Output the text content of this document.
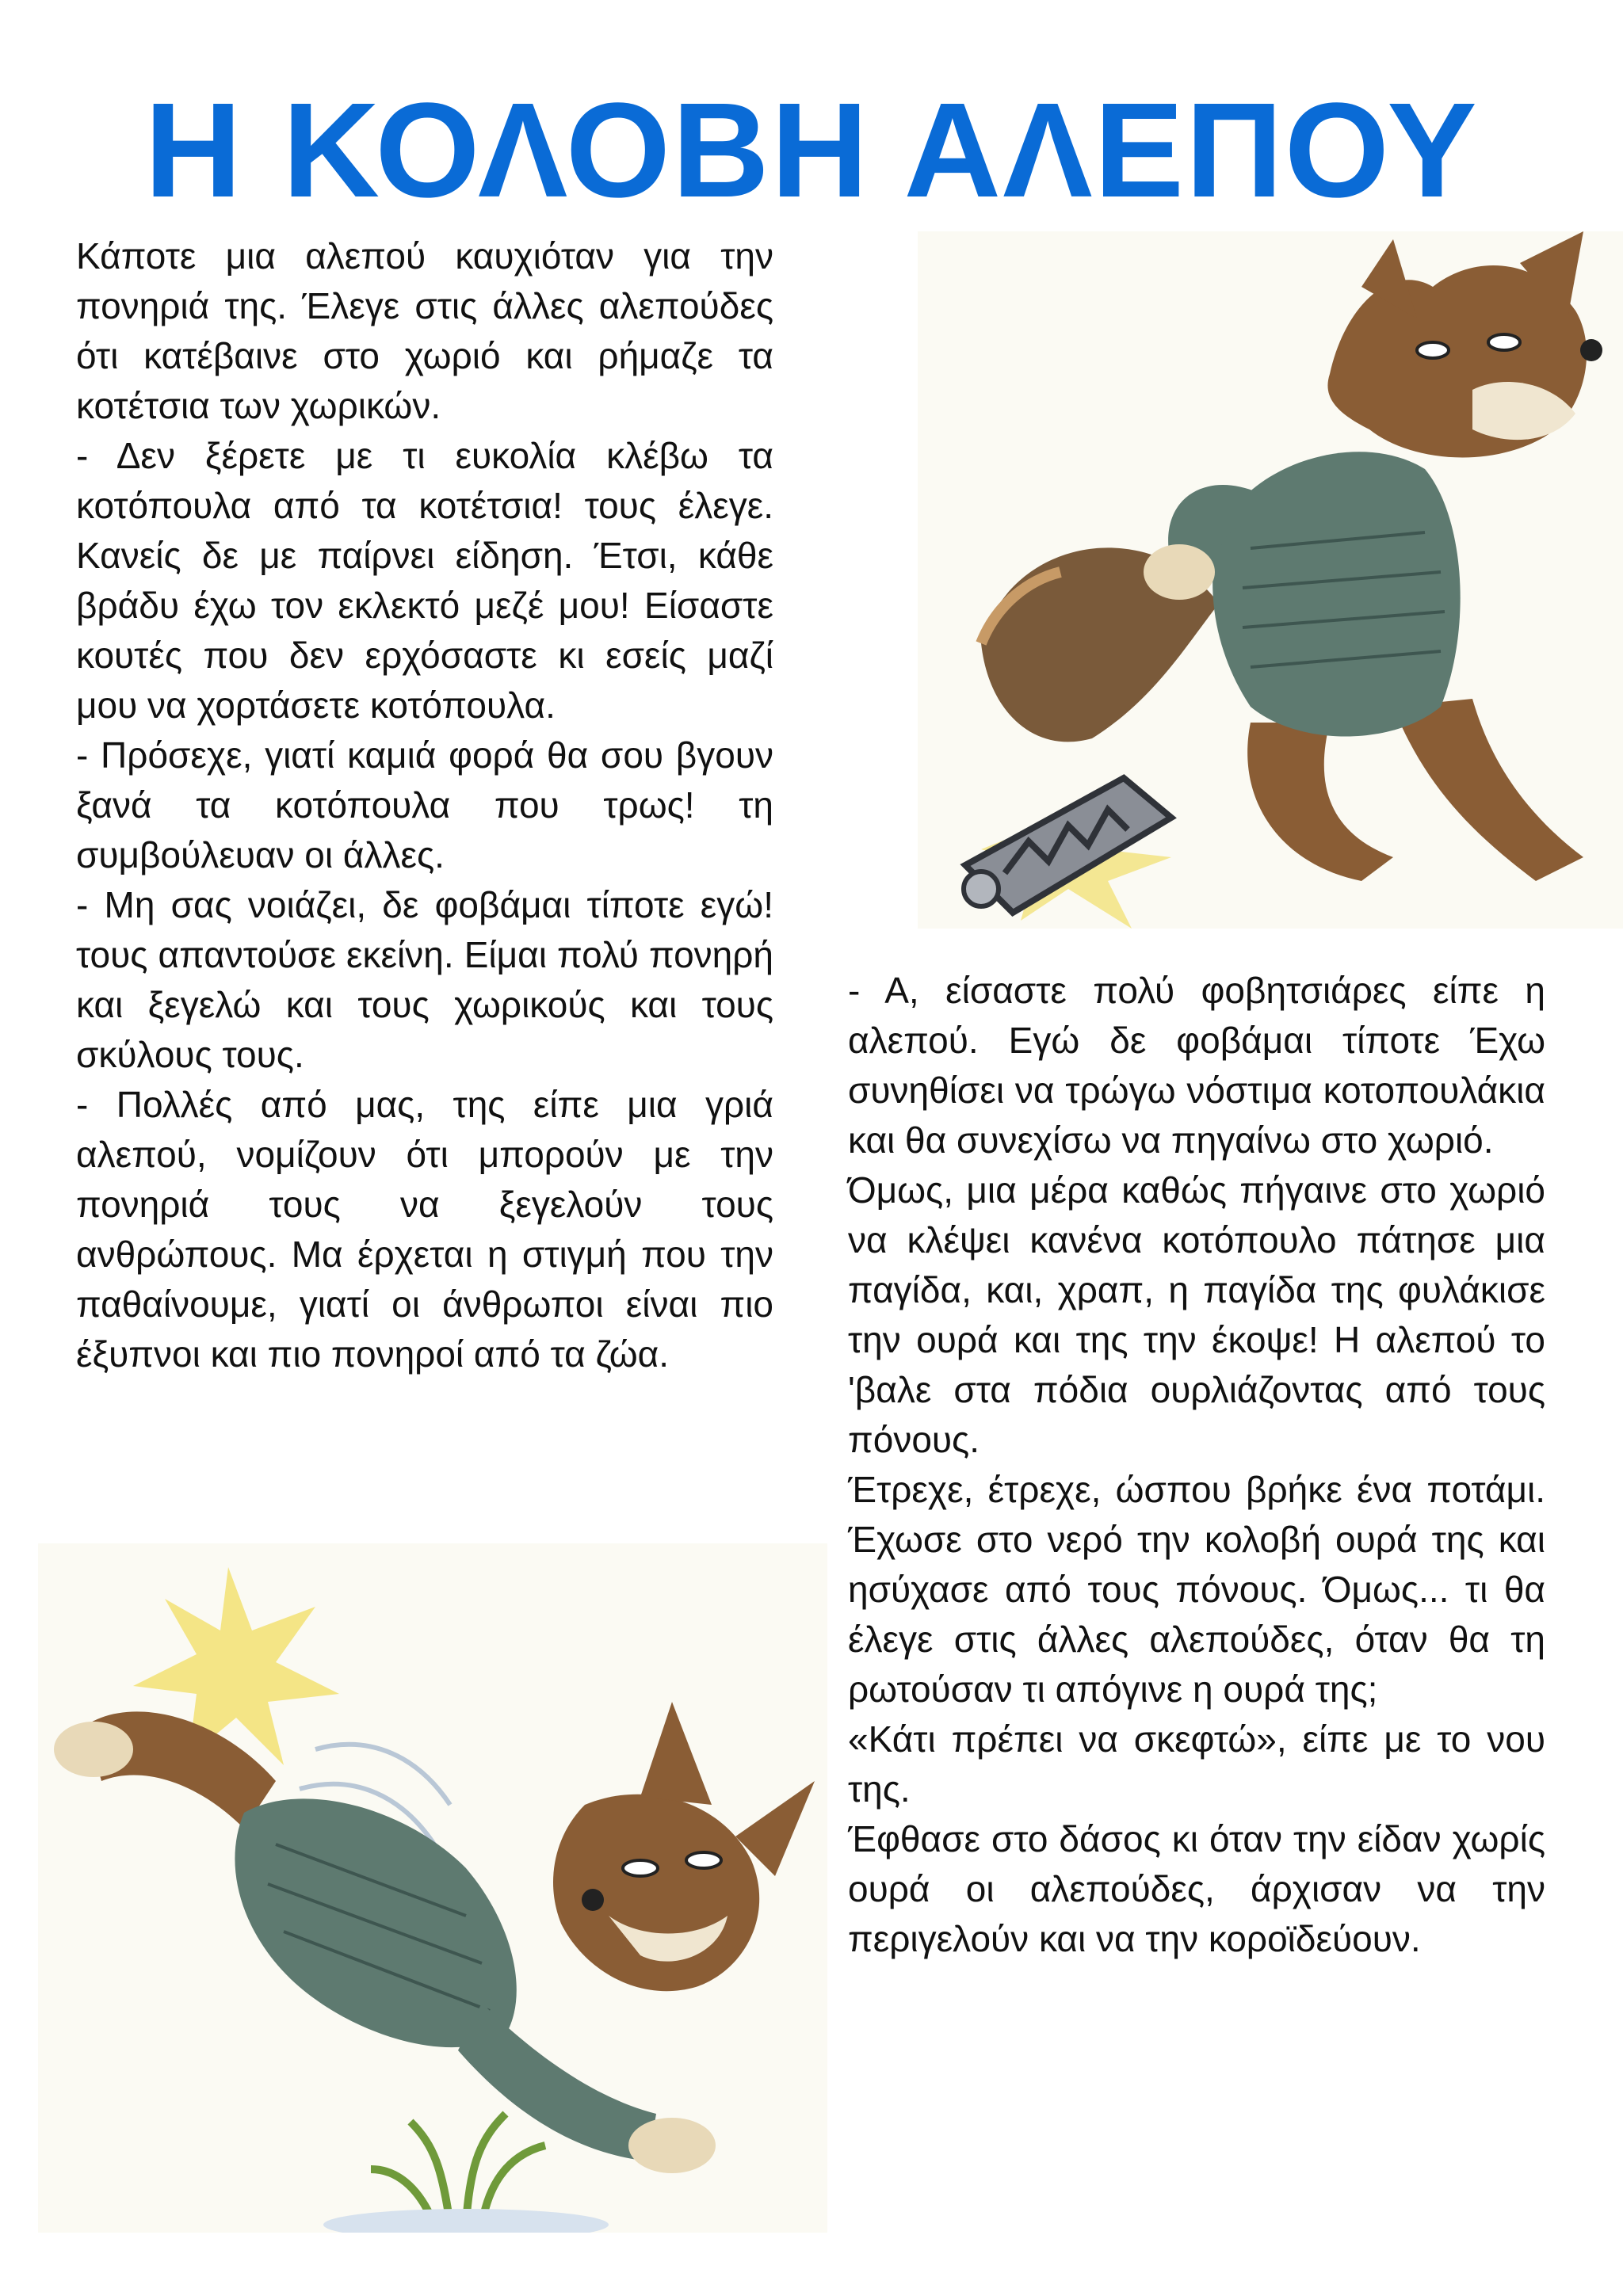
Η ΚΟΛΟΒΗ ΑΛΕΠΟΥ

Κάποτε μια αλεπού καυχιόταν για την πονηριά της. Έλεγε στις άλλες αλεπούδες ότι κατέβαινε στο χωριό και ρήμαζε τα κοτέτσια των χωρικών.

- Δεν ξέρετε με τι ευκολία κλέβω τα κοτόπουλα από τα κοτέτσια! τους έλεγε. Κανείς δε με παίρνει είδηση. Έτσι, κάθε βράδυ έχω τον εκλεκτό μεζέ μου! Είσαστε κουτές που δεν ερχόσαστε κι εσείς μαζί μου να χορτάσετε κοτόπουλα.

- Πρόσεχε, γιατί καμιά φορά θα σου βγουν ξανά τα κοτόπουλα που τρως! τη συμβούλευαν οι άλλες.

- Μη σας νοιάζει, δε φοβάμαι τίποτε εγώ! τους απαντούσε εκείνη. Είμαι πολύ πονηρή και ξεγελώ και τους χωρικούς και τους σκύλους τους.

- Πολλές από μας, της είπε μια γριά αλεπού, νομίζουν ότι μπορούν με την πονηριά τους να ξεγελούν τους ανθρώπους. Μα έρχεται η στιγμή που την παθαίνουμε, γιατί οι άνθρωποι είναι πιο έξυπνοι και πιο πονηροί από τα ζώα.

- Α, είσαστε πολύ φοβητσιάρες είπε η αλεπού. Εγώ δε φοβάμαι τίποτε Έχω συνηθίσει να τρώγω νόστιμα κοτοπουλάκια και θα συνεχίσω να πηγαίνω στο χωριό.

Όμως, μια μέρα καθώς πήγαινε στο χωριό να κλέψει κανένα κοτόπουλο πάτησε μια παγίδα, και, χραπ, η παγίδα της φυλάκισε την ουρά και της την έκοψε! Η αλεπού το 'βαλε στα πόδια ουρλιάζοντας από τους πόνους.

Έτρεχε, έτρεχε, ώσπου βρήκε ένα ποτάμι. Έχωσε στο νερό την κολοβή ουρά της και ησύχασε από τους πόνους. Όμως... τι θα έλεγε στις άλλες αλεπούδες, όταν θα τη ρωτούσαν τι απόγινε η ουρά της;

«Κάτι πρέπει να σκεφτώ», είπε με το νου της.

Έφθασε στο δάσος κι όταν την είδαν χωρίς ουρά οι αλεπούδες, άρχισαν να την περιγελούν και να την κοροϊδεύουν.
